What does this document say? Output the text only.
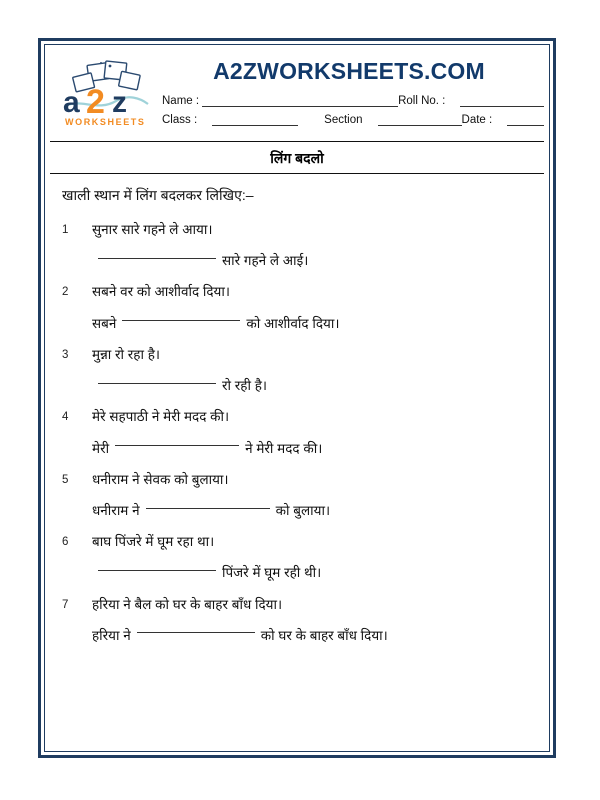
a 2 z
WORKSHEETS
A2ZWORKSHEETS.COM
Name :	Roll No. :
Class :	Section	Date :
लिंग बदलो
खाली स्थान में लिंग बदलकर लिखिए:–
1	सुनार सारे गहने ले आया।
सारे गहने ले आई।
2	सबने वर को आशीर्वाद दिया।
सबने	को आशीर्वाद दिया।
3	मुन्ना रो रहा है।
रो रही है।
4	मेरे सहपाठी ने मेरी मदद की।
मेरी	ने मेरी मदद की।
5	धनीराम ने सेवक को बुलाया।
धनीराम ने	को बुलाया।
6	बाघ पिंजरे में घूम रहा था।
पिंजरे में घूम रही थी।
7	हरिया ने बैल को घर के बाहर बाँध दिया।
हरिया ने	को घर के बाहर बाँध दिया।
